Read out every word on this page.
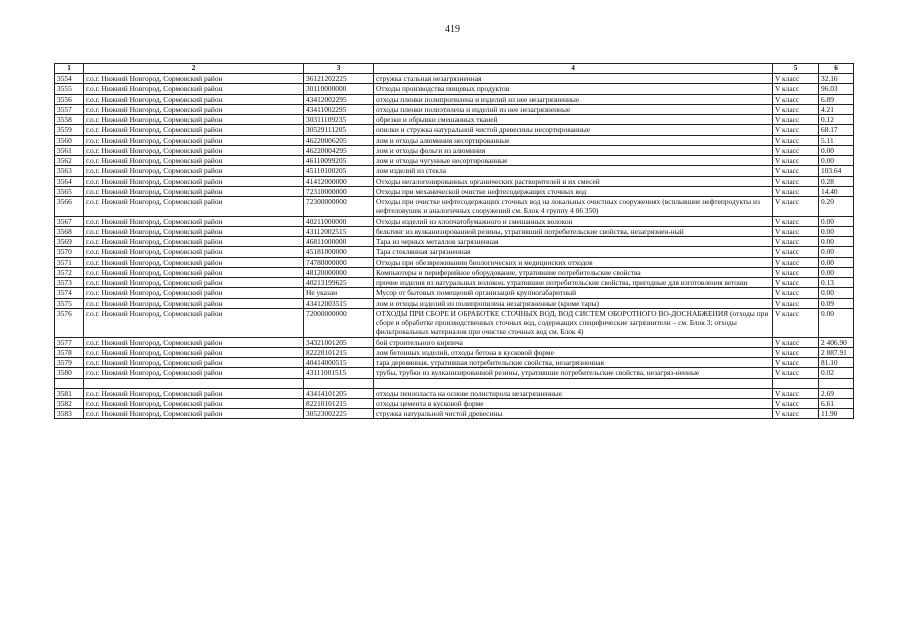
419
1	2	3	4	5	6
3554	г.о.г. Нижний Новгород, Сормовский район	36121202225	стружка стальная незагрязненная	V класс	32.16
3555	г.о.г. Нижний Новгород, Сормовский район	30110000000	Отходы производства пищевых продуктов	V класс	96.03
3556	г.о.г. Нижний Новгород, Сормовский район	43412002295	отходы пленки полипропилена и изделий из нее незагрязненные	V класс	6.89
3557	г.о.г. Нижний Новгород, Сормовский район	43411002295	отходы пленки полиэтилена и изделий из нее незагрязненные	V класс	4.21
3558	г.о.г. Нижний Новгород, Сормовский район	30311109235	обрезки и обрывки смешанных тканей	V класс	0.12
3559	г.о.г. Нижний Новгород, Сормовский район	30529111205	опилки и стружка натуральной чистой древесины несортированные	V класс	68.17
3560	г.о.г. Нижний Новгород, Сормовский район	46220006205	лом и отходы алюминия несортированные	V класс	5.11
3561	г.о.г. Нижний Новгород, Сормовский район	46220004295	лом и отходы фольги из алюминия	V класс	0.00
3562	г.о.г. Нижний Новгород, Сормовский район	46110099205	лом и отходы чугунные несортированные	V класс	0.00
3563	г.о.г. Нижний Новгород, Сормовский район	45110100205	лом изделий из стекла	V класс	103.64
3564	г.о.г. Нижний Новгород, Сормовский район	41412000000	Отходы негалогенированных органических растворителей и их смесей	V класс	0.28
3565	г.о.г. Нижний Новгород, Сормовский район	72310000000	Отходы при механической очистке нефтесодержащих сточных вод	V класс	14.40
3566	г.о.г. Нижний Новгород, Сормовский район	72300000000	Отходы при очистке нефтесодержащих сточных вод на локальных очистных сооружениях (всплывшие нефтепродукты из нефтеловушек и аналогичных сооружений см. Блок 4 группу 4 06 350)	V класс	0.20
3567	г.о.г. Нижний Новгород, Сормовский район	40211000000	Отходы изделий из хлопчатобумажного и смешанных волокон	V класс	0.00
3568	г.о.г. Нижний Новгород, Сормовский район	43112002515	бельтинг из вулканизированной резины, утративший потребительские свойства, незагрязнен-ный	V класс	0.00
3569	г.о.г. Нижний Новгород, Сормовский район	46811000000	Тара из черных металлов загрязненная	V класс	0.00
3570	г.о.г. Нижний Новгород, Сормовский район	45181000000	Тара стеклянная загрязненная	V класс	0.00
3571	г.о.г. Нижний Новгород, Сормовский район	74780000000	Отходы при обезвреживании биологических и медицинских отходов	V класс	0.00
3572	г.о.г. Нижний Новгород, Сормовский район	48120000000	Компьютеры и периферийное оборудование, утратившие потребительские свойства	V класс	0.00
3573	г.о.г. Нижний Новгород, Сормовский район	40213199625	прочие изделия из натуральных волокон, утратившие потребительские свойства, пригодные для изготовления ветоши	V класс	0.13
3574	г.о.г. Нижний Новгород, Сормовский район	Не указан	Мусор от бытовых помещений организаций крупногабаритный	V класс	0.00
3575	г.о.г. Нижний Новгород, Сормовский район	43412003515	лом и отходы изделий из полипропилена незагрязненные (кроме тары)	V класс	0.09
3576	г.о.г. Нижний Новгород, Сормовский район	72000000000	ОТХОДЫ ПРИ СБОРЕ И ОБРАБОТКЕ СТОЧНЫХ ВОД, ВОД СИСТЕМ ОБОРОТНОГО ВО-ДОСНАБЖЕНИЯ (отходы при сборе и обработке производственных сточных вод, содержащих специфические загрязнители – см. Блок 3; отходы фильтровальных материалов при очистке сточных вод см. Блок 4)	V класс	0.00
3577	г.о.г. Нижний Новгород, Сормовский район	34321001205	бой строительного кирпича	V класс	2 406.90
3578	г.о.г. Нижний Новгород, Сормовский район	82220101215	лом бетонных изделий, отходы бетона в кусковой форме	V класс	2 887.91
3579	г.о.г. Нижний Новгород, Сормовский район	40414000515	тара деревянная, утратившая потребительские свойства, незагрязненная	V класс	81.10
3580	г.о.г. Нижний Новгород, Сормовский район	43111001515	трубы, трубки из вулканизированной резины, утратившие потребительские свойства, незагряз-ненные	V класс	0.02

3581	г.о.г. Нижний Новгород, Сормовский район	43414101205	отходы пенопласта на основе полистирола незагрязненные	V класс	2.69
3582	г.о.г. Нижний Новгород, Сормовский район	82210101215	отходы цемента в кусковой форме	V класс	6.61
3583	г.о.г. Нижний Новгород, Сормовский район	30523002225	стружка натуральной чистой древесины	V класс	11.90
